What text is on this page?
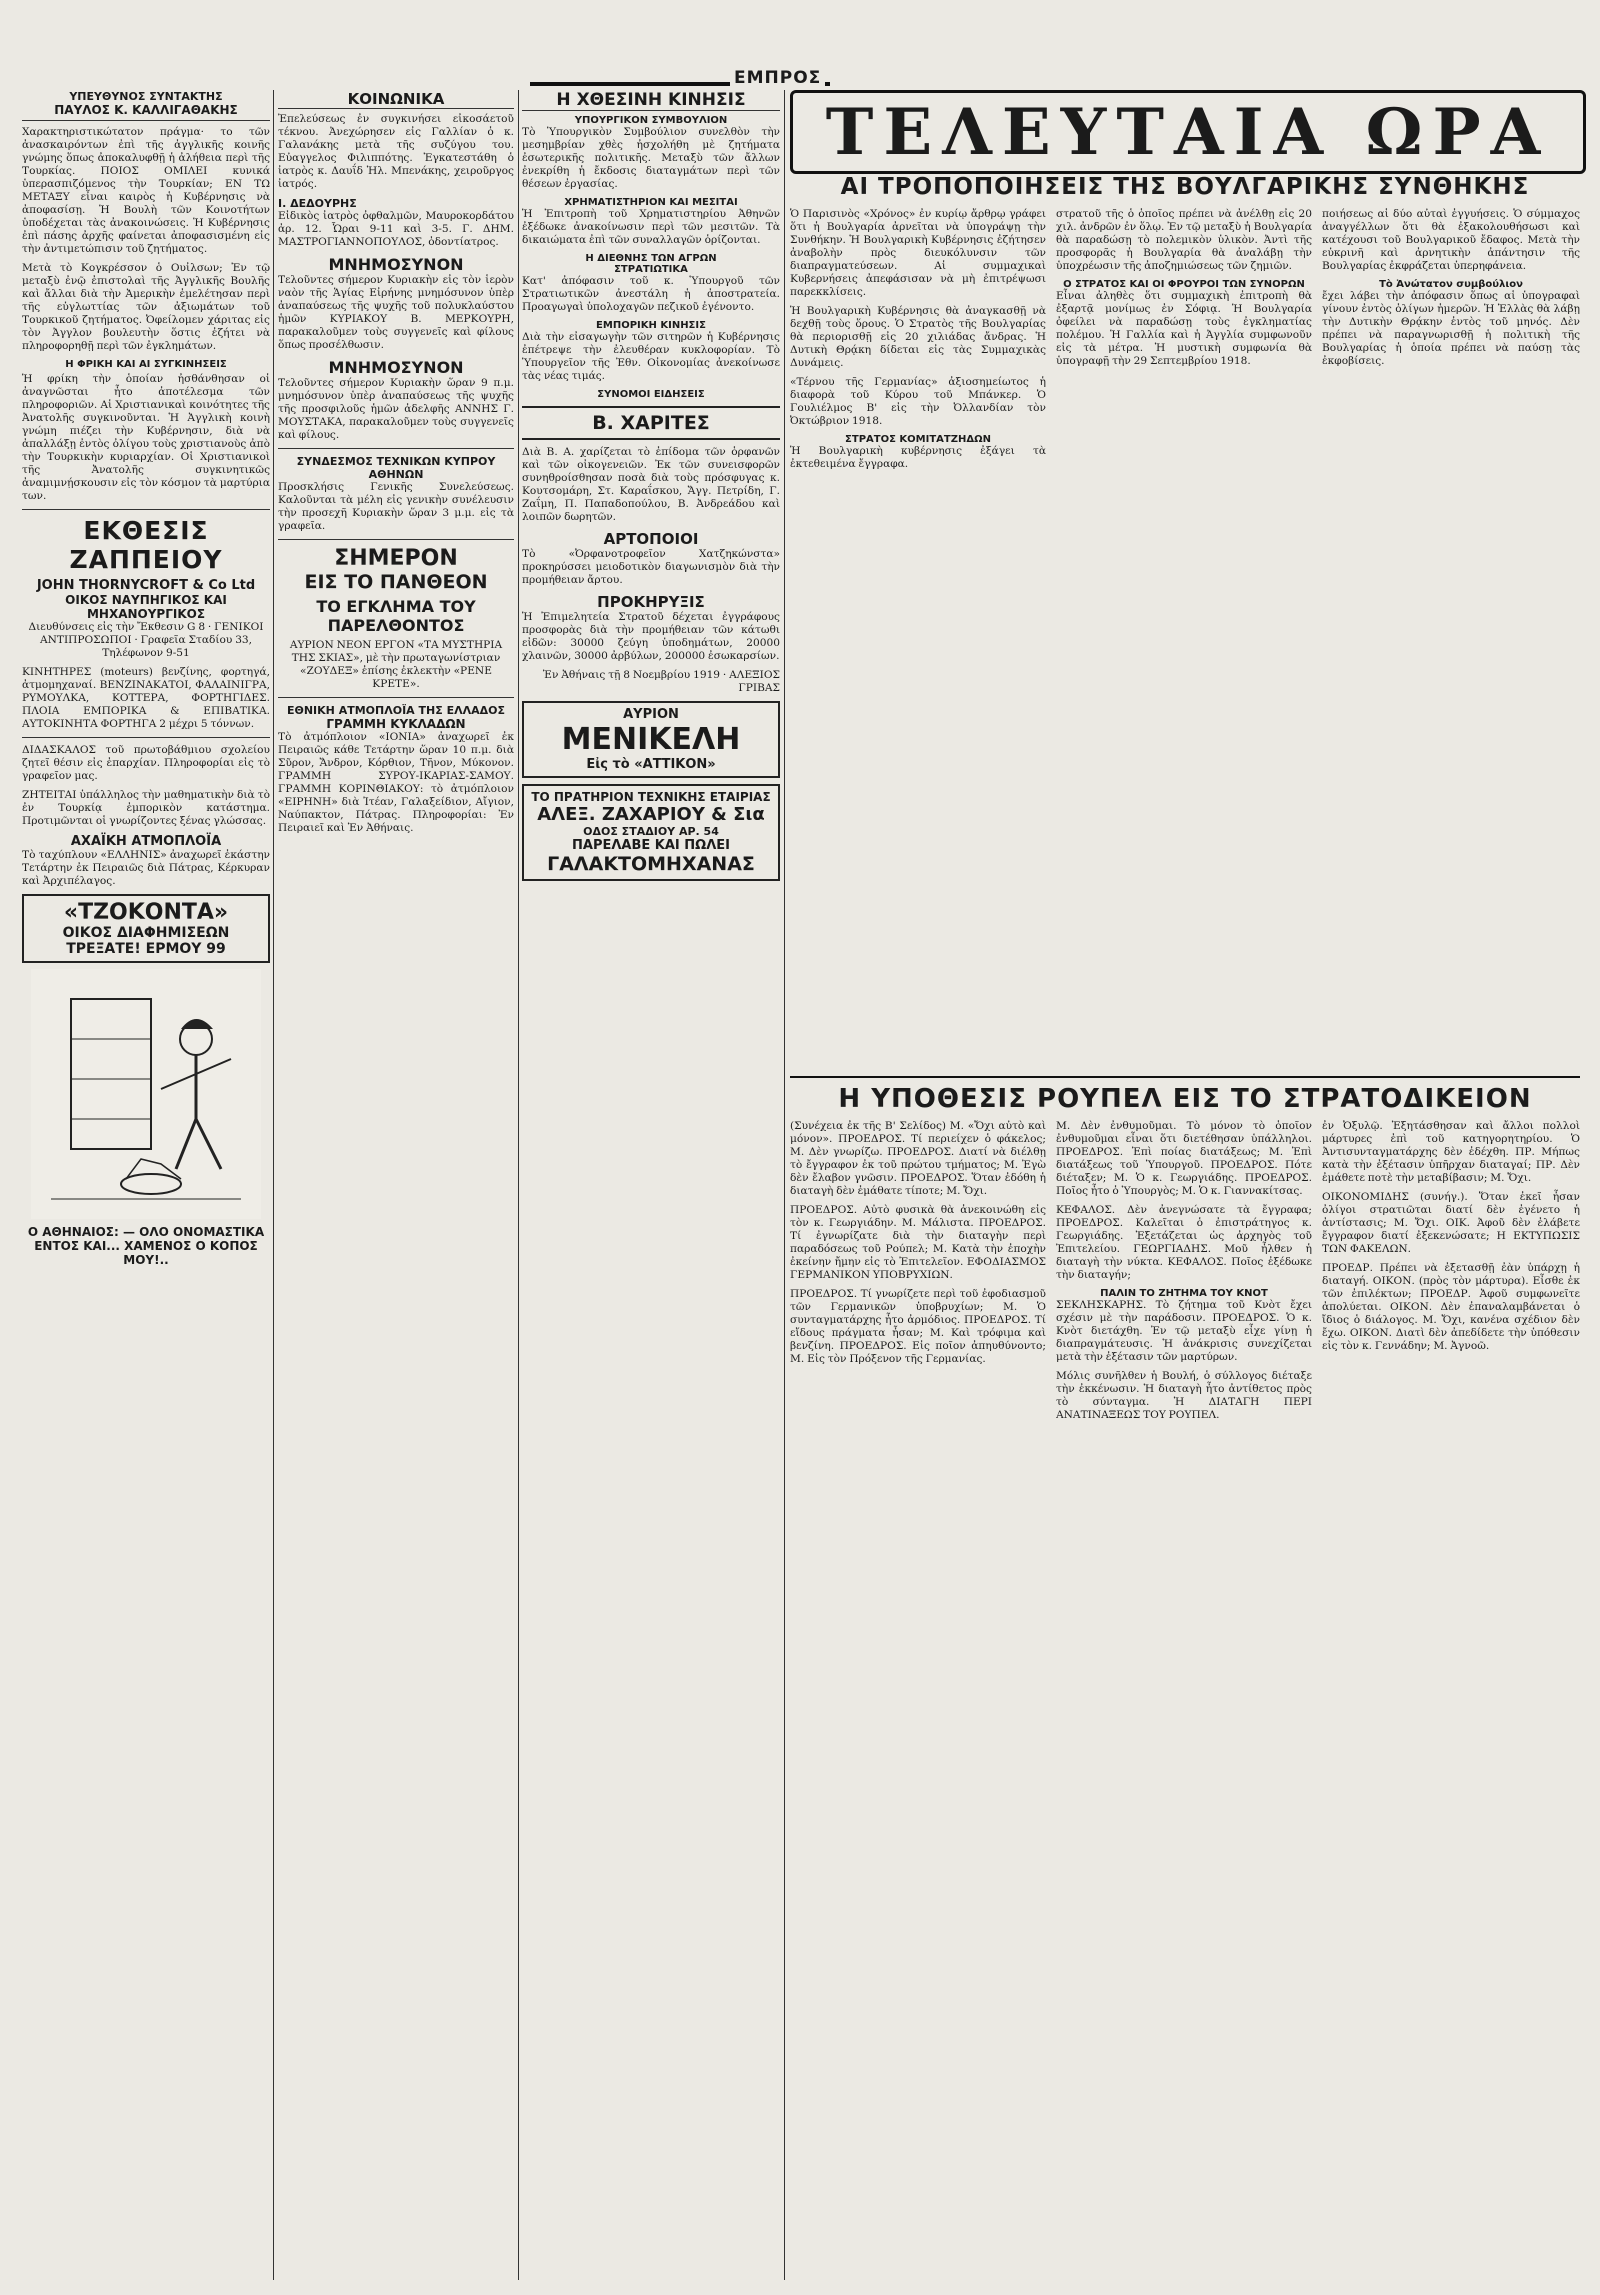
ΕΜΠΡΟΣ
ΥΠΕΥΘΥΝΟΣ ΣΥΝΤΑΚΤΗΣ
ΠΑΥΛΟΣ Κ. ΚΑΛΛΙΓΑΘΑΚΗΣ

Χαρακτηριστικώτατον πράγμα· το τῶν ἀνασκαιρόντων ἐπὶ τῆς ἀγγλικῆς κοινῆς γνώμης ὅπως ἀποκαλυφθῇ ἡ ἀλήθεια περὶ τῆς Τουρκίας. ΠΟΙΟΣ ΟΜΙΛΕΙ κυνικά ὑπερασπιζόμενος τὴν Τουρκίαν; ΕΝ ΤΩ ΜΕΤΑΞΥ εἶναι καιρὸς ἡ Κυβέρνησις νὰ ἀποφασίσῃ. Ἡ Βουλὴ τῶν Κοινοτήτων ὑποδέχεται τὰς ἀνακοινώσεις. Ἡ Κυβέρνησις ἐπὶ πάσης ἀρχῆς φαίνεται ἀποφασισμένη εἰς τὴν ἀντιμετώπισιν τοῦ ζητήματος.

Μετὰ τὸ Κογκρέσσον ὁ Ουἰλσων; Ἐν τῷ μεταξὺ ἐνῷ ἐπιστολαὶ τῆς Ἀγγλικῆς Βουλῆς καὶ ἄλλαι διὰ τὴν Ἀμερικὴν ἐμελέτησαν περὶ τῆς εὐγλωττίας τῶν ἀξιωμάτων τοῦ Τουρκικοῦ ζητήματος. Ὀφείλομεν χάριτας εἰς τὸν Ἀγγλον βουλευτὴν ὅστις ἐζήτει νὰ πληροφορηθῇ περὶ τῶν ἐγκλημάτων.

Η ΦΡΙΚΗ ΚΑΙ ΑΙ ΣΥΓΚΙΝΗΣΕΙΣ

Ἡ φρίκη τὴν ὁποίαν ἠσθάνθησαν οἱ ἀναγνῶσται ἦτο ἀποτέλεσμα τῶν πληροφοριῶν. Αἱ Χριστιανικαὶ κοινότητες τῆς Ἀνατολῆς συγκινοῦνται. Ἡ Ἀγγλικὴ κοινὴ γνώμη πιέζει τὴν Κυβέρνησιν, διὰ νὰ ἀπαλλάξῃ ἐντὸς ὀλίγου τοὺς χριστιανοὺς ἀπὸ τὴν Τουρκικὴν κυριαρχίαν. Οἱ Χριστιανικοὶ τῆς Ἀνατολῆς συγκινητικῶς ἀναμιμνῄσκουσιν εἰς τὸν κόσμον τὰ μαρτύρια των.

ΕΚΘΕΣΙΣ ΖΑΠΠΕΙΟΥ
JOHN THORNYCROFT & Co Ltd
ΟΙΚΟΣ ΝΑΥΠΗΓΙΚΟΣ ΚΑΙ ΜΗΧΑΝΟΥΡΓΙΚΟΣ

Διευθύνσεις εἰς τὴν Ἔκθεσιν G 8 · ΓΕΝΙΚΟΙ ΑΝΤΙΠΡΟΣΩΠΟΙ · Γραφεῖα Σταδίου 33, Τηλέφωνον 9-51

ΚΙΝΗΤΗΡΕΣ (moteurs) βενζίνης, φορτηγά, ἀτμομηχαναί. ΒΕΝΖΙΝΑΚΑΤΟΙ, ΦΑΛΑΙΝΙΓΡΑ, ΡΥΜΟΥΛΚΑ, ΚΟΤΤΕΡΑ, ΦΟΡΤΗΓΙΔΕΣ. ΠΛΟΙΑ ΕΜΠΟΡΙΚΑ & ΕΠΙΒΑΤΙΚΑ. ΑΥΤΟΚΙΝΗΤΑ ΦΟΡΤΗΓΑ 2 μέχρι 5 τόννων.

ΔΙΔΑΣΚΑΛΟΣ τοῦ πρωτοβάθμιου σχολείου ζητεῖ θέσιν εἰς ἐπαρχίαν. Πληροφορίαι εἰς τὸ γραφεῖον μας.

ΖΗΤΕΙΤΑΙ ὑπάλληλος τὴν μαθηματικὴν διὰ τὸ ἐν Τουρκίᾳ ἐμπορικὸν κατάστημα. Προτιμῶνται οἱ γνωρίζοντες ξένας γλώσσας.

ΑΧΑΪΚΗ ΑΤΜΟΠΛΟΪΑ

Τὸ ταχύπλουν «ΕΛΛΗΝΙΣ» ἀναχωρεῖ ἐκάστην Τετάρτην ἐκ Πειραιῶς διὰ Πάτρας, Κέρκυραν καὶ Ἀρχιπέλαγος.

«ΤΖΟΚΟΝΤΑ»
ΟΙΚΟΣ ΔΙΑΦΗΜΙΣΕΩΝ
ΤΡΕΞΑΤΕ! ΕΡΜΟΥ 99
Ο ΑΘΗΝΑΙΟΣ: — ΟΛΟ ΟΝΟΜΑΣΤΙΚΑ ΕΝΤΟΣ ΚΑΙ... ΧΑΜΕΝΟΣ Ο ΚΟΠΟΣ ΜΟΥ!..
ΚΟΙΝΩΝΙΚΑ

Ἐπελεύσεως ἐν συγκινήσει εἰκοσάετοῦ τέκνου. Ἀνεχώρησεν εἰς Γαλλίαν ὁ κ. Γαλανάκης μετὰ τῆς συζύγου του. Εὐαγγελος Φιλιππότης. Ἐγκατεστάθη ὁ ἰατρὸς κ. Δαυΐδ Ἡλ. Μπενάκης, χειροῦργος ἰατρός.

Ι. ΔΕΔΟΥΡΗΣ

Εἰδικὸς ἰατρὸς ὀφθαλμῶν, Μαυροκορδάτου ἀρ. 12. Ὧραι 9-11 καὶ 3-5. Γ. ΔΗΜ. ΜΑΣΤΡΟΓΙΑΝΝΟΠΟΥΛΟΣ, ὀδοντίατρος.

ΜΝΗΜΟΣΥΝΟΝ

Τελοῦντες σήμερον Κυριακὴν εἰς τὸν ἱερὸν ναὸν τῆς Ἁγίας Εἰρήνης μνημόσυνον ὑπὲρ ἀναπαύσεως τῆς ψυχῆς τοῦ πολυκλαύστου ἡμῶν ΚΥΡΙΑΚΟΥ Β. ΜΕΡΚΟΥΡΗ, παρακαλοῦμεν τοὺς συγγενεῖς καὶ φίλους ὅπως προσέλθωσιν.

ΜΝΗΜΟΣΥΝΟΝ

Τελοῦντες σήμερον Κυριακὴν ὥραν 9 π.μ. μνημόσυνον ὑπὲρ ἀναπαύσεως τῆς ψυχῆς τῆς προσφιλοῦς ἡμῶν ἀδελφῆς ΑΝΝΗΣ Γ. ΜΟΥΣΤΑΚΑ, παρακαλοῦμεν τοὺς συγγενεῖς καὶ φίλους.

ΣΥΝΔΕΣΜΟΣ ΤΕΧΝΙΚΩΝ ΚΥΠΡΟΥ ΑΘΗΝΩΝ

Προσκλήσις Γενικῆς Συνελεύσεως. Καλοῦνται τὰ μέλη εἰς γενικὴν συνέλευσιν τὴν προσεχῆ Κυριακὴν ὥραν 3 μ.μ. εἰς τὰ γραφεῖα.

ΣΗΜΕΡΟΝ
ΕΙΣ ΤΟ ΠΑΝΘΕΟΝ
ΤΟ ΕΓΚΛΗΜΑ ΤΟΥ ΠΑΡΕΛΘΟΝΤΟΣ

ΑΥΡΙΟΝ ΝΕΟΝ ΕΡΓΟΝ «ΤΑ ΜΥΣΤΗΡΙΑ ΤΗΣ ΣΚΙΑΣ», μὲ τὴν πρωταγωνίστριαν «ΖΟΥΔΕΞ» ἐπίσης ἐκλεκτὴν «ΡΕΝΕ ΚΡΕΤΕ».

ΕΘΝΙΚΗ ΑΤΜΟΠΛΟΪΑ ΤΗΣ ΕΛΛΑΔΟΣ
ΓΡΑΜΜΗ ΚΥΚΛΑΔΩΝ

Τὸ ἀτμόπλοιον «ΙΟΝΙΑ» ἀναχωρεῖ ἐκ Πειραιῶς κάθε Τετάρτην ὥραν 10 π.μ. διὰ Σῦρον, Ἄνδρον, Κόρθιον, Τῆνον, Μύκονον. ΓΡΑΜΜΗ ΣΥΡΟΥ-ΙΚΑΡΙΑΣ-ΣΑΜΟΥ. ΓΡΑΜΜΗ ΚΟΡΙΝΘΙΑΚΟΥ: τὸ ἀτμόπλοιον «ΕΙΡΗΝΗ» διὰ Ἰτέαν, Γαλαξείδιον, Αἴγιον, Ναύπακτον, Πάτρας. Πληροφορίαι: Ἐν Πειραιεῖ καὶ Ἐν Ἀθήναις.

Η ΧΘΕΣΙΝΗ ΚΙΝΗΣΙΣ
ΥΠΟΥΡΓΙΚΟΝ ΣΥΜΒΟΥΛΙΟΝ

Τὸ Ὑπουργικὸν Συμβούλιον συνελθὸν τὴν μεσημβρίαν χθὲς ἠσχολήθη μὲ ζητήματα ἐσωτερικῆς πολιτικῆς. Μεταξὺ τῶν ἄλλων ἐνεκρίθη ἡ ἔκδοσις διαταγμάτων περὶ τῶν θέσεων ἐργασίας.

ΧΡΗΜΑΤΙΣΤΗΡΙΟΝ ΚΑΙ ΜΕΣΙΤΑΙ

Ἡ Ἐπιτροπὴ τοῦ Χρηματιστηρίου Ἀθηνῶν ἐξέδωκε ἀνακοίνωσιν περὶ τῶν μεσιτῶν. Τὰ δικαιώματα ἐπὶ τῶν συναλλαγῶν ὁρίζονται.

Η ΔΙΕΘΝΗΣ ΤΩΝ ΑΓΡΩΝ
ΣΤΡΑΤΙΩΤΙΚΑ

Κατ' ἀπόφασιν τοῦ κ. Ὑπουργοῦ τῶν Στρατιωτικῶν ἀνεστάλη ἡ ἀποστρατεία. Προαγωγαὶ ὑπολοχαγῶν πεζικοῦ ἐγένοντο.

ΕΜΠΟΡΙΚΗ ΚΙΝΗΣΙΣ

Διὰ τὴν εἰσαγωγὴν τῶν σιτηρῶν ἡ Κυβέρνησις ἐπέτρεψε τὴν ἐλευθέραν κυκλοφορίαν. Τὸ Ὑπουργεῖον τῆς Ἐθν. Οἰκονομίας ἀνεκοίνωσε τὰς νέας τιμάς.

ΣΥΝΟΜΟΙ ΕΙΔΗΣΕΙΣ
Β. ΧΑΡΙΤΕΣ

Διὰ Β. Α. χαρίζεται τὸ ἐπίδομα τῶν ὁρφανῶν καὶ τῶν οἰκογενειῶν. Ἐκ τῶν συνεισφορῶν συνηθροίσθησαν ποσὰ διὰ τοὺς πρόσφυγας κ. Κουτσομάρη, Στ. Καραΐσκου, Ἄγγ. Πετρίδη, Γ. Ζαΐμη, Π. Παπαδοπούλου, Β. Ἀνδρεάδου καὶ λοιπῶν δωρητῶν.

ΑΡΤΟΠΟΙΟΙ

Τὸ «Ὀρφανοτροφεῖον Χατζηκώνστα» προκηρύσσει μειοδοτικὸν διαγωνισμὸν διὰ τὴν προμήθειαν ἄρτου.

ΠΡΟΚΗΡΥΞΙΣ

Ἡ Ἐπιμελητεία Στρατοῦ δέχεται ἐγγράφους προσφορὰς διὰ τὴν προμήθειαν τῶν κάτωθι εἰδῶν: 30000 ζεύγη ὑποδημάτων, 20000 χλαινῶν, 30000 ἀρβύλων, 200000 ἐσωκαρσίων.

Ἐν Ἀθήναις τῇ 8 Νοεμβρίου 1919 · ΑΛΕΞΙΟΣ ΓΡΙΒΑΣ

ΑΥΡΙΟΝ
ΜΕΝΙΚΕΛΗ
Εἰς τὸ «ΑΤΤΙΚΟΝ»
ΤΟ ΠΡΑΤΗΡΙΟΝ ΤΕΧΝΙΚΗΣ ΕΤΑΙΡΙΑΣ
ΑΛΕΞ. ΖΑΧΑΡΙΟΥ & Σια
ΟΔΟΣ ΣΤΑΔΙΟΥ ΑΡ. 54
ΠΑΡΕΛΑΒΕ ΚΑΙ ΠΩΛΕΙ
ΓΑΛΑΚΤΟΜΗΧΑΝΑΣ
ΤΕΛΕΥΤΑΙΑ ΩΡΑ
ΑΙ ΤΡΟΠΟΠΟΙΗΣΕΙΣ ΤΗΣ ΒΟΥΛΓΑΡΙΚΗΣ ΣΥΝΘΗΚΗΣ

Ὁ Παρισινὸς «Χρόνος» ἐν κυρίῳ ἄρθρῳ γράφει ὅτι ἡ Βουλγαρία ἀρνεῖται νὰ ὑπογράψῃ τὴν Συνθήκην. Ἡ Βουλγαρικὴ Κυβέρνησις ἐζήτησεν ἀναβολὴν πρὸς διευκόλυνσιν τῶν διαπραγματεύσεων. Αἱ συμμαχικαὶ Κυβερνήσεις ἀπεφάσισαν νὰ μὴ ἐπιτρέψωσι παρεκκλίσεις.

Ἡ Βουλγαρικὴ Κυβέρνησις θὰ ἀναγκασθῇ νὰ δεχθῇ τοὺς ὅρους. Ὁ Στρατὸς τῆς Βουλγαρίας θὰ περιορισθῇ εἰς 20 χιλιάδας ἄνδρας. Ἡ Δυτικὴ Θρᾴκη δίδεται εἰς τὰς Συμμαχικὰς Δυνάμεις.

«Τέρνου τῆς Γερμανίας» ἀξιοσημείωτος ἡ διαφορὰ τοῦ Κύρου τοῦ Μπάνκερ. Ὁ Γουλιέλμος Β' εἰς τὴν Ὀλλανδίαν τὸν Ὀκτώβριον 1918.

ΣΤΡΑΤΟΣ ΚΟΜΙΤΑΤΖΗΔΩΝ

Ἡ Βουλγαρικὴ κυβέρνησις ἐξάγει τὰ ἐκτεθειμένα ἔγγραφα.

στρατοῦ τῆς ὁ ὁποῖος πρέπει νὰ ἀνέλθῃ εἰς 20 χιλ. ἀνδρῶν ἐν ὅλῳ. Ἐν τῷ μεταξὺ ἡ Βουλγαρία θὰ παραδώσῃ τὸ πολεμικὸν ὑλικὸν. Ἀντὶ τῆς προσφορᾶς ἡ Βουλγαρία θὰ ἀναλάβῃ τὴν ὑποχρέωσιν τῆς ἀποζημιώσεως τῶν ζημιῶν.

Ο ΣΤΡΑΤΟΣ ΚΑΙ ΟΙ ΦΡΟΥΡΟΙ ΤΩΝ ΣΥΝΟΡΩΝ

Εἶναι ἀληθὲς ὅτι συμμαχικὴ ἐπιτροπὴ θὰ ἐξαρτᾷ μονίμως ἐν Σόφιᾳ. Ἡ Βουλγαρία ὀφείλει νὰ παραδώσῃ τοὺς ἐγκληματίας πολέμου. Ἡ Γαλλία καὶ ἡ Ἀγγλία συμφωνοῦν εἰς τὰ μέτρα. Ἡ μυστικὴ συμφωνία θὰ ὑπογραφῇ τὴν 29 Σεπτεμβρίου 1918.

ποιήσεως αἱ δύο αὐταὶ ἐγγυήσεις. Ὁ σύμμαχος ἀναγγέλλων ὅτι θὰ ἐξακολουθήσωσι καὶ κατέχουσι τοῦ Βουλγαρικοῦ ἔδαφος. Μετὰ τὴν εὐκρινῆ καὶ ἀρνητικὴν ἀπάντησιν τῆς Βουλγαρίας ἐκφράζεται ὑπερηφάνεια.

Τὸ Ἀνώτατον συμβούλιον

ἔχει λάβει τὴν ἀπόφασιν ὅπως αἱ ὑπογραφαὶ γίνουν ἐντὸς ὀλίγων ἡμερῶν. Ἡ Ἑλλὰς θὰ λάβῃ τὴν Δυτικὴν Θρᾴκην ἐντὸς τοῦ μηνός. Δὲν πρέπει νὰ παραγνωρισθῇ ἡ πολιτικὴ τῆς Βουλγαρίας ἡ ὁποία πρέπει νὰ παύσῃ τὰς ἐκφοβίσεις.

Η ΥΠΟΘΕΣΙΣ ΡΟΥΠΕΛ ΕΙΣ ΤΟ ΣΤΡΑΤΟΔΙΚΕΙΟΝ

(Συνέχεια ἐκ τῆς Β' Σελίδος) Μ. «Ὄχι αὐτὸ καὶ μόνον». ΠΡΟΕΔΡΟΣ. Τί περιείχεν ὁ φάκελος; Μ. Δὲν γνωρίζω. ΠΡΟΕΔΡΟΣ. Διατί νὰ διέλθῃ τὸ ἔγγραφον ἐκ τοῦ πρώτου τμήματος; Μ. Ἐγὼ δὲν ἔλαβον γνῶσιν. ΠΡΟΕΔΡΟΣ. Ὅταν ἐδόθη ἡ διαταγὴ δὲν ἐμάθατε τίποτε; Μ. Ὄχι.

ΠΡΟΕΔΡΟΣ. Αὐτὸ φυσικὰ θὰ ἀνεκοινώθη εἰς τὸν κ. Γεωργιάδην. Μ. Μάλιστα. ΠΡΟΕΔΡΟΣ. Τί ἐγνωρίζατε διὰ τὴν διαταγὴν περὶ παραδόσεως τοῦ Ρούπελ; Μ. Κατὰ τὴν ἐποχὴν ἐκείνην ἤμην εἰς τὸ Ἐπιτελεῖον. ΕΦΟΔΙΑΣΜΟΣ ΓΕΡΜΑΝΙΚΟΝ ΥΠΟΒΡΥΧΙΩΝ.

ΠΡΟΕΔΡΟΣ. Τί γνωρίζετε περὶ τοῦ ἐφοδιασμοῦ τῶν Γερμανικῶν ὑποβρυχίων; Μ. Ὁ συνταγματάρχης ἦτο ἀρμόδιος. ΠΡΟΕΔΡΟΣ. Τί εἴδους πράγματα ἦσαν; Μ. Καὶ τρόφιμα καὶ βενζίνη. ΠΡΟΕΔΡΟΣ. Εἰς ποῖον ἀπηυθύνοντο; Μ. Εἰς τὸν Πρόξενον τῆς Γερμανίας.

Μ. Δὲν ἐνθυμοῦμαι. Τὸ μόνον τὸ ὁποῖον ἐνθυμοῦμαι εἶναι ὅτι διετέθησαν ὑπάλληλοι. ΠΡΟΕΔΡΟΣ. Ἐπὶ ποίας διατάξεως; Μ. Ἐπὶ διατάξεως τοῦ Ὑπουργοῦ. ΠΡΟΕΔΡΟΣ. Πότε διέταξεν; Μ. Ὁ κ. Γεωργιάδης. ΠΡΟΕΔΡΟΣ. Ποῖος ἦτο ὁ Ὑπουργὸς; Μ. Ὁ κ. Γιαννακίτσας.

ΚΕΦΑΛΟΣ. Δὲν ἀνεγνώσατε τὰ ἔγγραφα; ΠΡΟΕΔΡΟΣ. Καλεῖται ὁ ἐπιστράτηγος κ. Γεωργιάδης. Ἐξετάζεται ὡς ἀρχηγὸς τοῦ Ἐπιτελείου. ΓΕΩΡΓΙΑΔΗΣ. Μοῦ ἦλθεν ἡ διαταγὴ τὴν νύκτα. ΚΕΦΑΛΟΣ. Ποῖος ἐξέδωκε τὴν διαταγήν;

ΠΑΛΙΝ ΤΟ ΖΗΤΗΜΑ ΤΟΥ ΚΝΟΤ

ΣΕΚΛΗΣΚΑΡΗΣ. Τὸ ζήτημα τοῦ Κνὸτ ἔχει σχέσιν μὲ τὴν παράδοσιν. ΠΡΟΕΔΡΟΣ. Ὁ κ. Κνὸτ διετάχθη. Ἐν τῷ μεταξὺ εἶχε γίνῃ ἡ διαπραγμάτευσις. Ἡ ἀνάκρισις συνεχίζεται μετὰ τὴν ἐξέτασιν τῶν μαρτύρων.

Μόλις συνῆλθεν ἡ Βουλή, ὁ σύλλογος διέταξε τὴν ἐκκένωσιν. Ἡ διαταγὴ ἦτο ἀντίθετος πρὸς τὸ σύνταγμα. Ἡ ΔΙΑΤΑΓΗ ΠΕΡΙ ΑΝΑΤΙΝΑΞΕΩΣ ΤΟΥ ΡΟΥΠΕΛ.

ἐν Ὀξυλῷ. Ἐξητάσθησαν καὶ ἄλλοι πολλοὶ μάρτυρες ἐπὶ τοῦ κατηγορητηρίου. Ὁ Ἀντισυνταγματάρχης δὲν ἐδέχθη. ΠΡ. Μήπως κατὰ τὴν ἐξέτασιν ὑπῆρχαν διαταγαί; ΠΡ. Δὲν ἐμάθετε ποτὲ τὴν μεταβίβασιν; Μ. Ὄχι.

ΟΙΚΟΝΟΜΙΔΗΣ (συνήγ.). Ὅταν ἐκεῖ ἦσαν ὀλίγοι στρατιῶται διατί δὲν ἐγένετο ἡ ἀντίστασις; Μ. Ὄχι. ΟΙΚ. Ἀφοῦ δὲν ἐλάβετε ἔγγραφον διατί ἐξεκενώσατε; Η ΕΚΤΥΠΩΣΙΣ ΤΩΝ ΦΑΚΕΛΩΝ.

ΠΡΟΕΔΡ. Πρέπει νὰ ἐξετασθῇ ἐὰν ὑπάρχῃ ἡ διαταγή. ΟΙΚΟΝ. (πρὸς τὸν μάρτυρα). Εἶσθε ἐκ τῶν ἐπιλέκτων; ΠΡΟΕΔΡ. Ἀφοῦ συμφωνεῖτε ἀπολύεται. ΟΙΚΟΝ. Δὲν ἐπαναλαμβάνεται ὁ ἴδιος ὁ διάλογος. Μ. Ὄχι, κανένα σχέδιον δὲν ἔχω. ΟΙΚΟΝ. Διατὶ δὲν ἀπεδίδετε τὴν ὑπόθεσιν εἰς τὸν κ. Γεννάδην; Μ. Ἀγνοῶ.
